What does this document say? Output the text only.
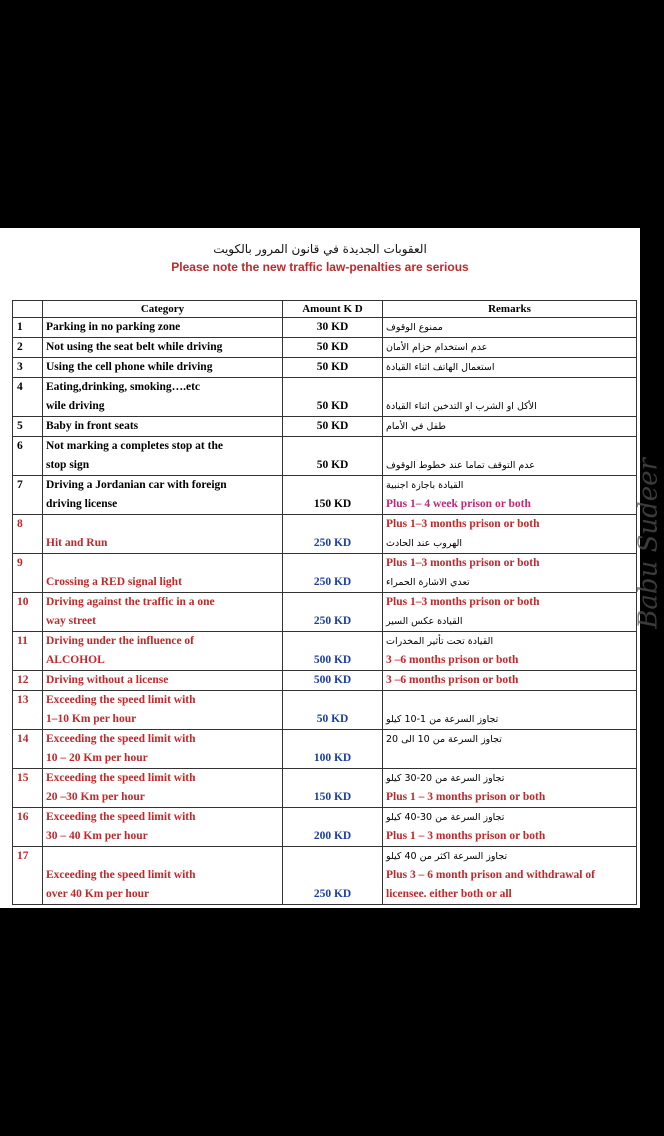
العقوبات الجديدة في قانون المرور بالكويت
Please note the new traffic law-penalties are serious
	Category	Amount K D	Remarks
1	Parking in no parking zone	30 KD	ممنوع الوقوف

2	Not using the seat belt while driving	50 KD	عدم استخدام حزام الأمان

3	Using the cell phone while driving	50 KD	استعمال الهاتف اثناء القيادة

4	Eating,drinking, smoking….etc
wile driving	50 KD	الأكل او الشرب او التدخين اثناء القيادة

5	Baby in front seats	50 KD	طفل في الأمام

6	Not marking a completes stop at the
stop sign	50 KD	عدم التوقف تماما عند خطوط الوقوف

7	Driving a Jordanian car with foreign
driving license	150 KD	القيادة باجازة اجنبية
Plus 1– 4 week prison or both

8	Hit and Run	250 KD	Plus 1–3 months prison or both
الهروب عند الحادث

9	Crossing a RED signal light	250 KD	Plus 1–3 months prison or both
تعدي الاشارة الحمراء

10	Driving against the traffic in a one
way street	250 KD	Plus 1–3 months prison or both
القيادة عكس السير

11	Driving under the influence of
ALCOHOL	500 KD	القيادة تحت تأثير المخدرات
3 –6 months prison or both

12	Driving without a license	500 KD	3 –6 months prison or both

13	Exceeding the speed limit with
1–10 Km per hour	50 KD	تجاوز السرعة من 1-10 كيلو

14	Exceeding the speed limit with
10 – 20 Km per hour	100 KD	تجاوز السرعة من 10 الى 20

15	Exceeding the speed limit with
20 –30 Km per hour	150 KD	تجاوز السرعة من 20-30 كيلو
Plus 1 – 3 months prison or both

16	Exceeding the speed limit with
30 – 40 Km per hour	200 KD	تجاوز السرعة من 30-40 كيلو
Plus 1 – 3 months prison or both

17	Exceeding the speed limit with
over 40 Km per hour	250 KD	تجاوز السرعة اكثر من 40 كيلو
Plus 3 – 6 month prison and withdrawal of
licensee. either both or all
Babu Sudeer
